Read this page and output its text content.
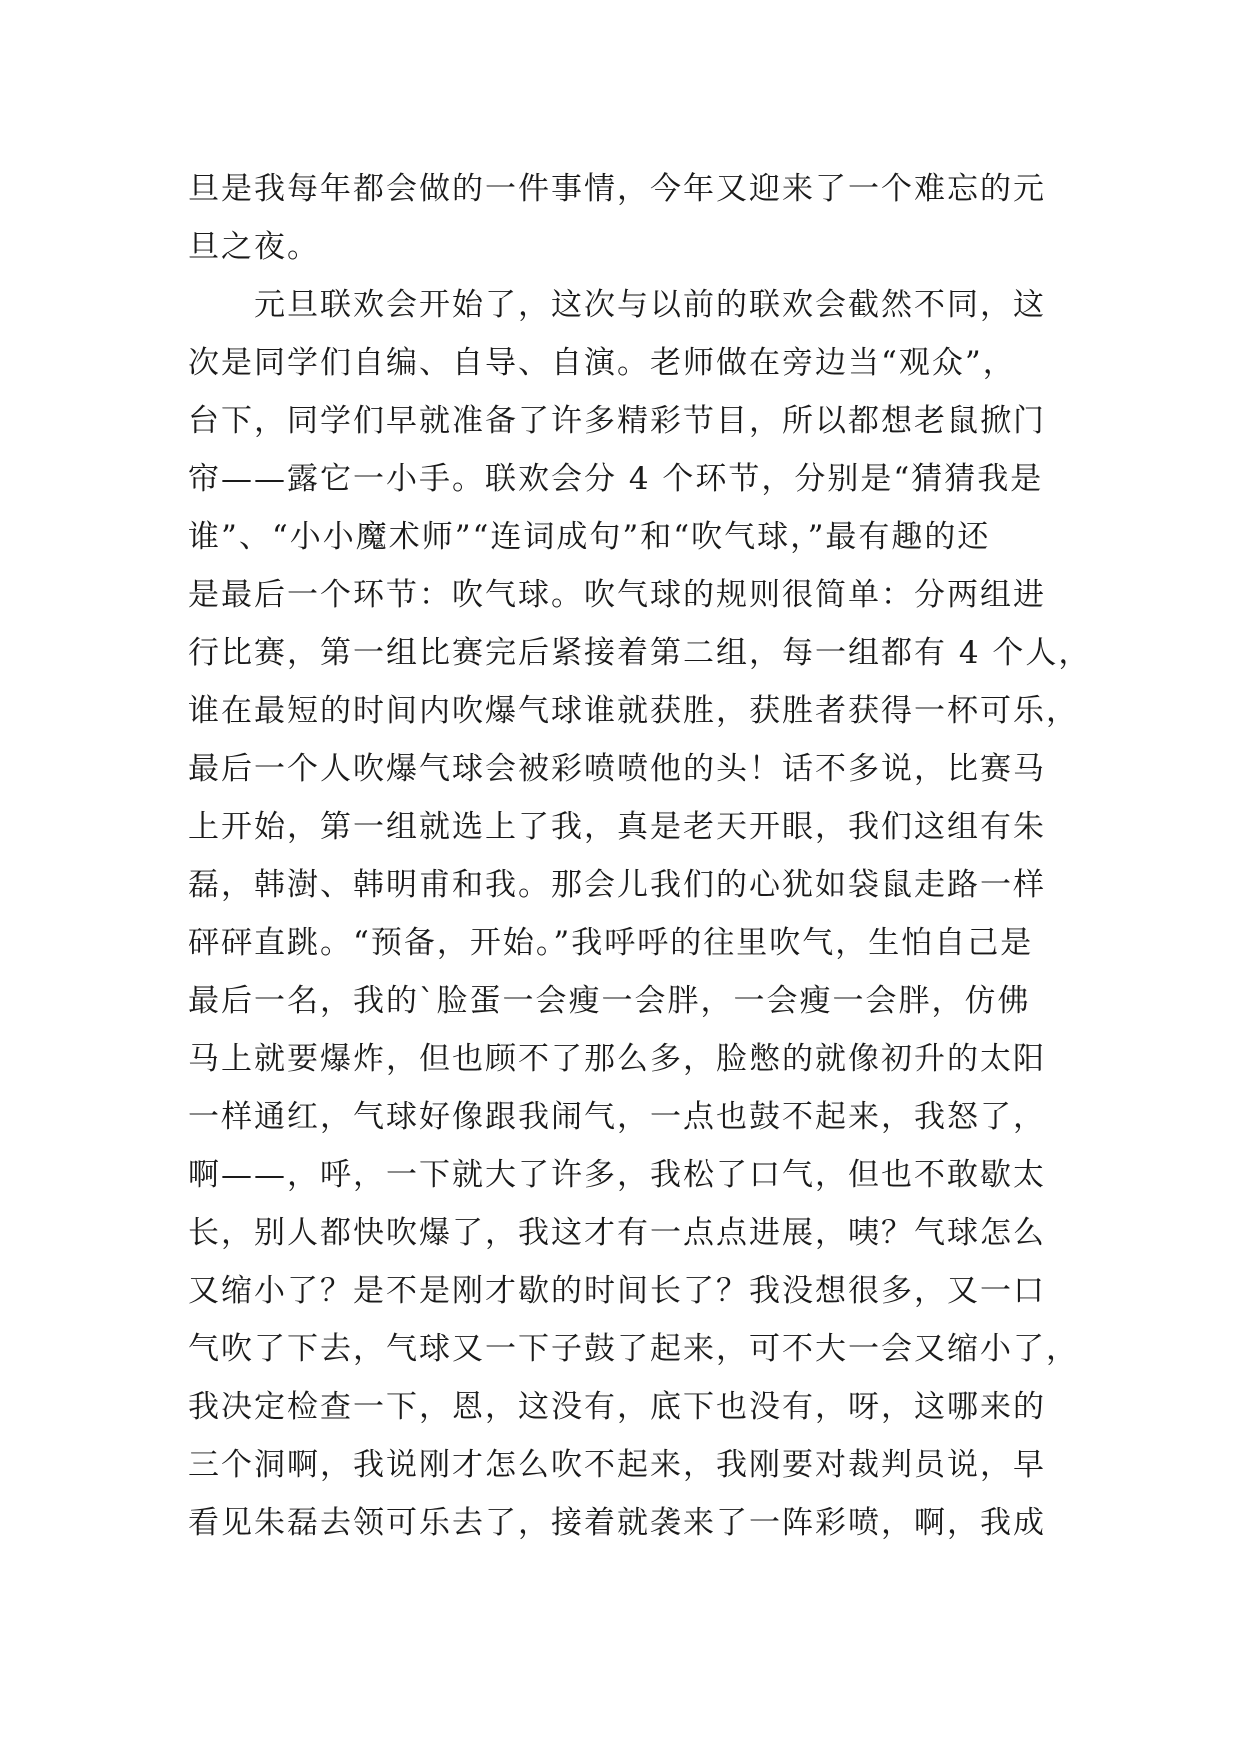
旦是我每年都会做的一件事情，今年又迎来了一个难忘的元
旦之夜。
元旦联欢会开始了，这次与以前的联欢会截然不同，这
次是同学们自编、自导、自演。老师做在旁边当“观众”，
台下，同学们早就准备了许多精彩节目，所以都想老鼠掀门
帘——露它一小手。联欢会分 4 个环节，分别是“猜猜我是
谁”、“小小魔术师”“连词成句”和“吹气球，”最有趣的还
是最后一个环节：吹气球。吹气球的规则很简单：分两组进
行比赛，第一组比赛完后紧接着第二组，每一组都有 4 个人，
谁在最短的时间内吹爆气球谁就获胜，获胜者获得一杯可乐，
最后一个人吹爆气球会被彩喷喷他的头！话不多说，比赛马
上开始，第一组就选上了我，真是老天开眼，我们这组有朱
磊，韩澍、韩明甫和我。那会儿我们的心犹如袋鼠走路一样
砰砰直跳。“预备，开始。”我呼呼的往里吹气，生怕自己是
最后一名，我的`脸蛋一会瘦一会胖，一会瘦一会胖，仿佛
马上就要爆炸，但也顾不了那么多，脸憋的就像初升的太阳
一样通红，气球好像跟我闹气，一点也鼓不起来，我怒了，
啊——，呼，一下就大了许多，我松了口气，但也不敢歇太
长，别人都快吹爆了，我这才有一点点进展，咦？气球怎么
又缩小了？是不是刚才歇的时间长了？我没想很多，又一口
气吹了下去，气球又一下子鼓了起来，可不大一会又缩小了，
我决定检查一下，恩，这没有，底下也没有，呀，这哪来的
三个洞啊，我说刚才怎么吹不起来，我刚要对裁判员说，早
看见朱磊去领可乐去了，接着就袭来了一阵彩喷，啊，我成
